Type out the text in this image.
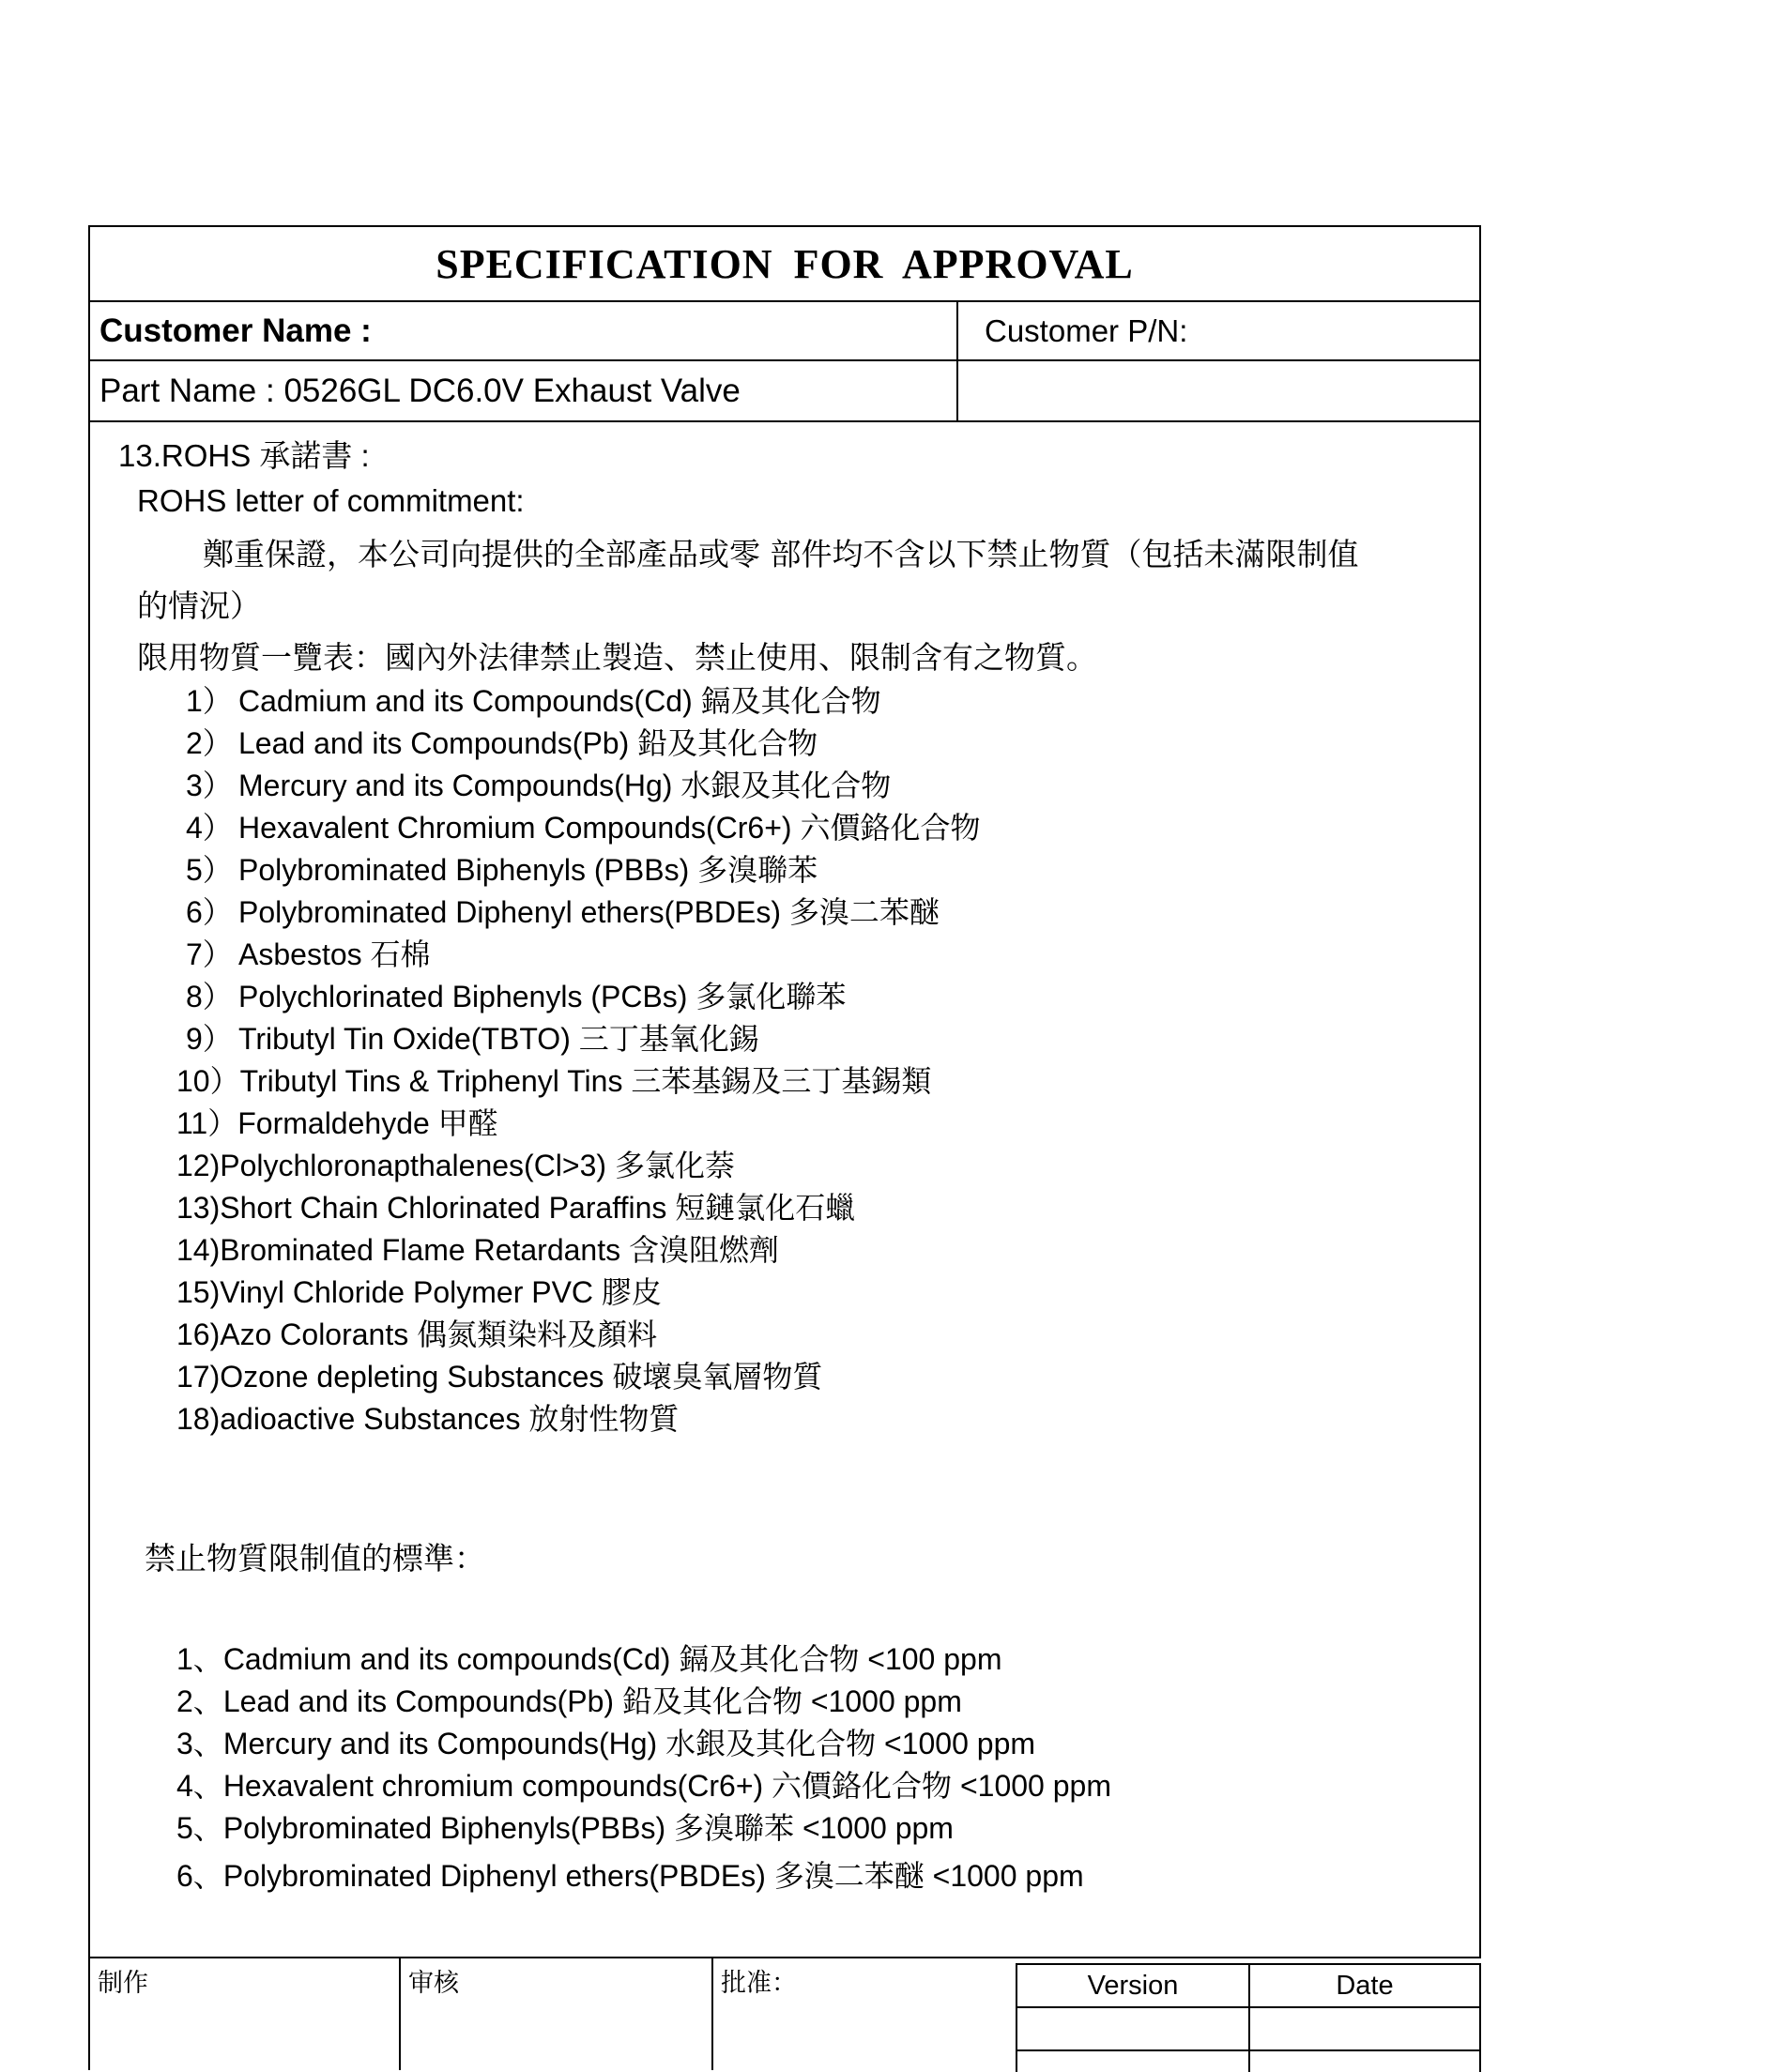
SPECIFICATION FOR APPROVAL
Customer Name :	Customer P/N:
Part Name : 0526GL DC6.0V Exhaust Valve
13.ROHS 承諾書 :
ROHS letter of commitment:
鄭重保證，本公司向提供的全部產品或零 部件均不含以下禁止物質（包括未滿限制值
的情況）
限用物質一覽表：國內外法律禁止製造、禁止使用、限制含有之物質。
1） Cadmium and its Compounds(Cd) 鎘及其化合物
2） Lead and its Compounds(Pb) 鉛及其化合物
3） Mercury and its Compounds(Hg) 水銀及其化合物
4） Hexavalent Chromium Compounds(Cr6+) 六價鉻化合物
5） Polybrominated Biphenyls (PBBs) 多溴聯苯
6） Polybrominated Diphenyl ethers(PBDEs) 多溴二苯醚
7） Asbestos 石棉
8） Polychlorinated Biphenyls (PCBs) 多氯化聯苯
9） Tributyl Tin Oxide(TBTO) 三丁基氧化錫
10）Tributyl Tins & Triphenyl Tins 三苯基錫及三丁基錫類
11）Formaldehyde 甲醛
12)Polychloronapthalenes(Cl>3) 多氯化萘
13)Short Chain Chlorinated Paraffins 短鏈氯化石蠟
14)Brominated Flame Retardants 含溴阻燃劑
15)Vinyl Chloride Polymer PVC 膠皮
16)Azo Colorants 偶氮類染料及顏料
17)Ozone depleting Substances 破壞臭氧層物質
18)adioactive Substances 放射性物質
禁止物質限制值的標準：
1、Cadmium and its compounds(Cd) 鎘及其化合物 <100 ppm
2、Lead and its Compounds(Pb) 鉛及其化合物 <1000 ppm
3、Mercury and its Compounds(Hg) 水銀及其化合物 <1000 ppm
4、Hexavalent chromium compounds(Cr6+) 六價鉻化合物 <1000 ppm
5、Polybrominated Biphenyls(PBBs) 多溴聯苯 <1000 ppm
6、Polybrominated Diphenyl ethers(PBDEs) 多溴二苯醚 <1000 ppm
制作	审核	批准：	Version	Date
